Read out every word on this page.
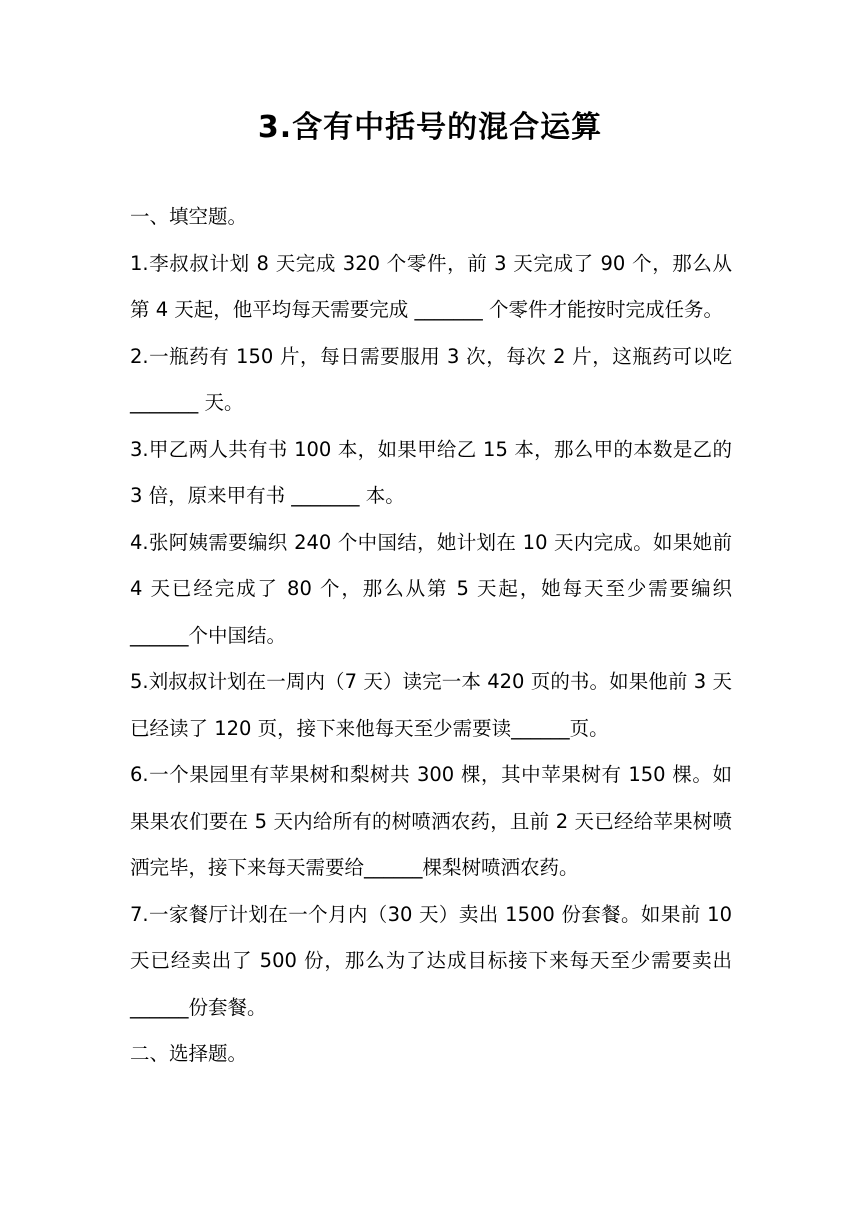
3.含有中括号的混合运算

一、填空题。

1.李叔叔计划 8 天完成 320 个零件，前 3 天完成了 90 个，那么从第 4 天起，他平均每天需要完成 _______ 个零件才能按时完成任务。

2.一瓶药有 150 片，每日需要服用 3 次，每次 2 片，这瓶药可以吃 _______ 天。

3.甲乙两人共有书 100 本，如果甲给乙 15 本，那么甲的本数是乙的 3 倍，原来甲有书 _______ 本。

4.张阿姨需要编织 240 个中国结，她计划在 10 天内完成。如果她前 4 天已经完成了 80 个，那么从第 5 天起，她每天至少需要编织______个中国结。

5.刘叔叔计划在一周内（7 天）读完一本 420 页的书。如果他前 3 天已经读了 120 页，接下来他每天至少需要读______页。

6.一个果园里有苹果树和梨树共 300 棵，其中苹果树有 150 棵。如果果农们要在 5 天内给所有的树喷洒农药，且前 2 天已经给苹果树喷洒完毕，接下来每天需要给______棵梨树喷洒农药。

7.一家餐厅计划在一个月内（30 天）卖出 1500 份套餐。如果前 10 天已经卖出了 500 份，那么为了达成目标接下来每天至少需要卖出______份套餐。

二、选择题。
